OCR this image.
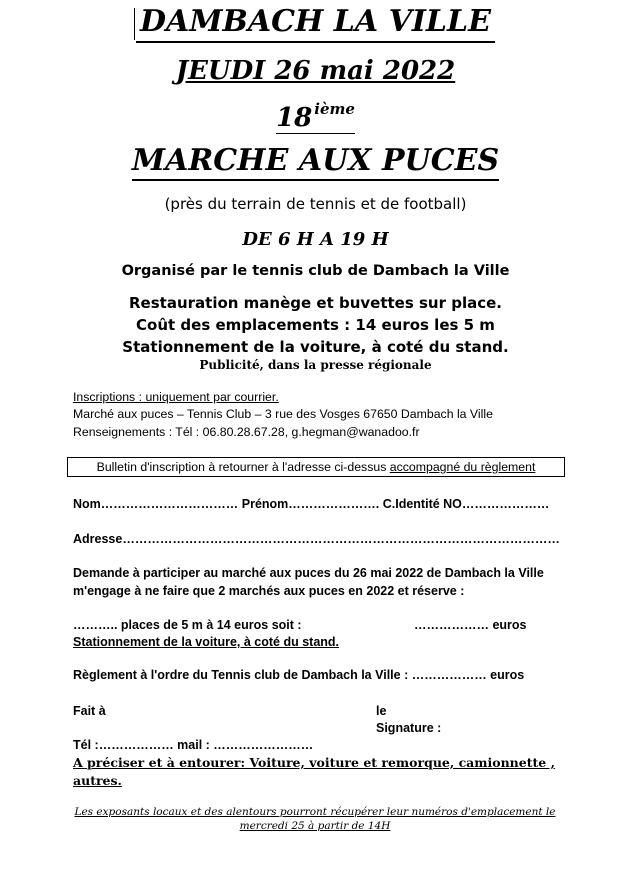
DAMBACH LA VILLE
JEUDI 26 mai 2022
18 $^{ième}$
MARCHE AUX PUCES
(près du terrain de tennis et de football)
DE 6 H A 19 H
Organisé par le tennis club de Dambach la Ville
Restauration manège et buvettes sur place.
Coût des emplacements : 14 euros les 5 m
Stationnement de la voiture, à coté du stand.
Publicité, dans la presse régionale
Inscriptions : uniquement par courrier.
Marché aux puces – Tennis Club – 3 rue des Vosges 67650 Dambach la Ville
Renseignements : Tél : 06.80.28.67.28, g.hegman@wanadoo.fr
Bulletin d'inscription à retourner à l'adresse ci-dessus accompagné du règlement
Nom…………………………… Prénom…………………. C.Identité NO…………………
Adresse……………………………………………………………………………………………
Demande à participer au marché aux puces du 26 mai 2022 de Dambach la Ville
m'engage à ne faire que 2 marchés aux puces en 2022 et réserve :
……….. places de 5 m à 14 euros soit :	……………… euros
Stationnement de la voiture, à coté du stand.
Règlement à l'ordre du Tennis club de Dambach la Ville : ……………… euros
Fait à	le
Signature :
Tél :……………… mail : ……………………
A préciser et à entourer: Voiture, voiture et remorque, camionnette ,
autres.
Les exposants locaux et des alentours pourront récupérer leur numéros d'emplacement le
mercredi 25 à partir de 14H
